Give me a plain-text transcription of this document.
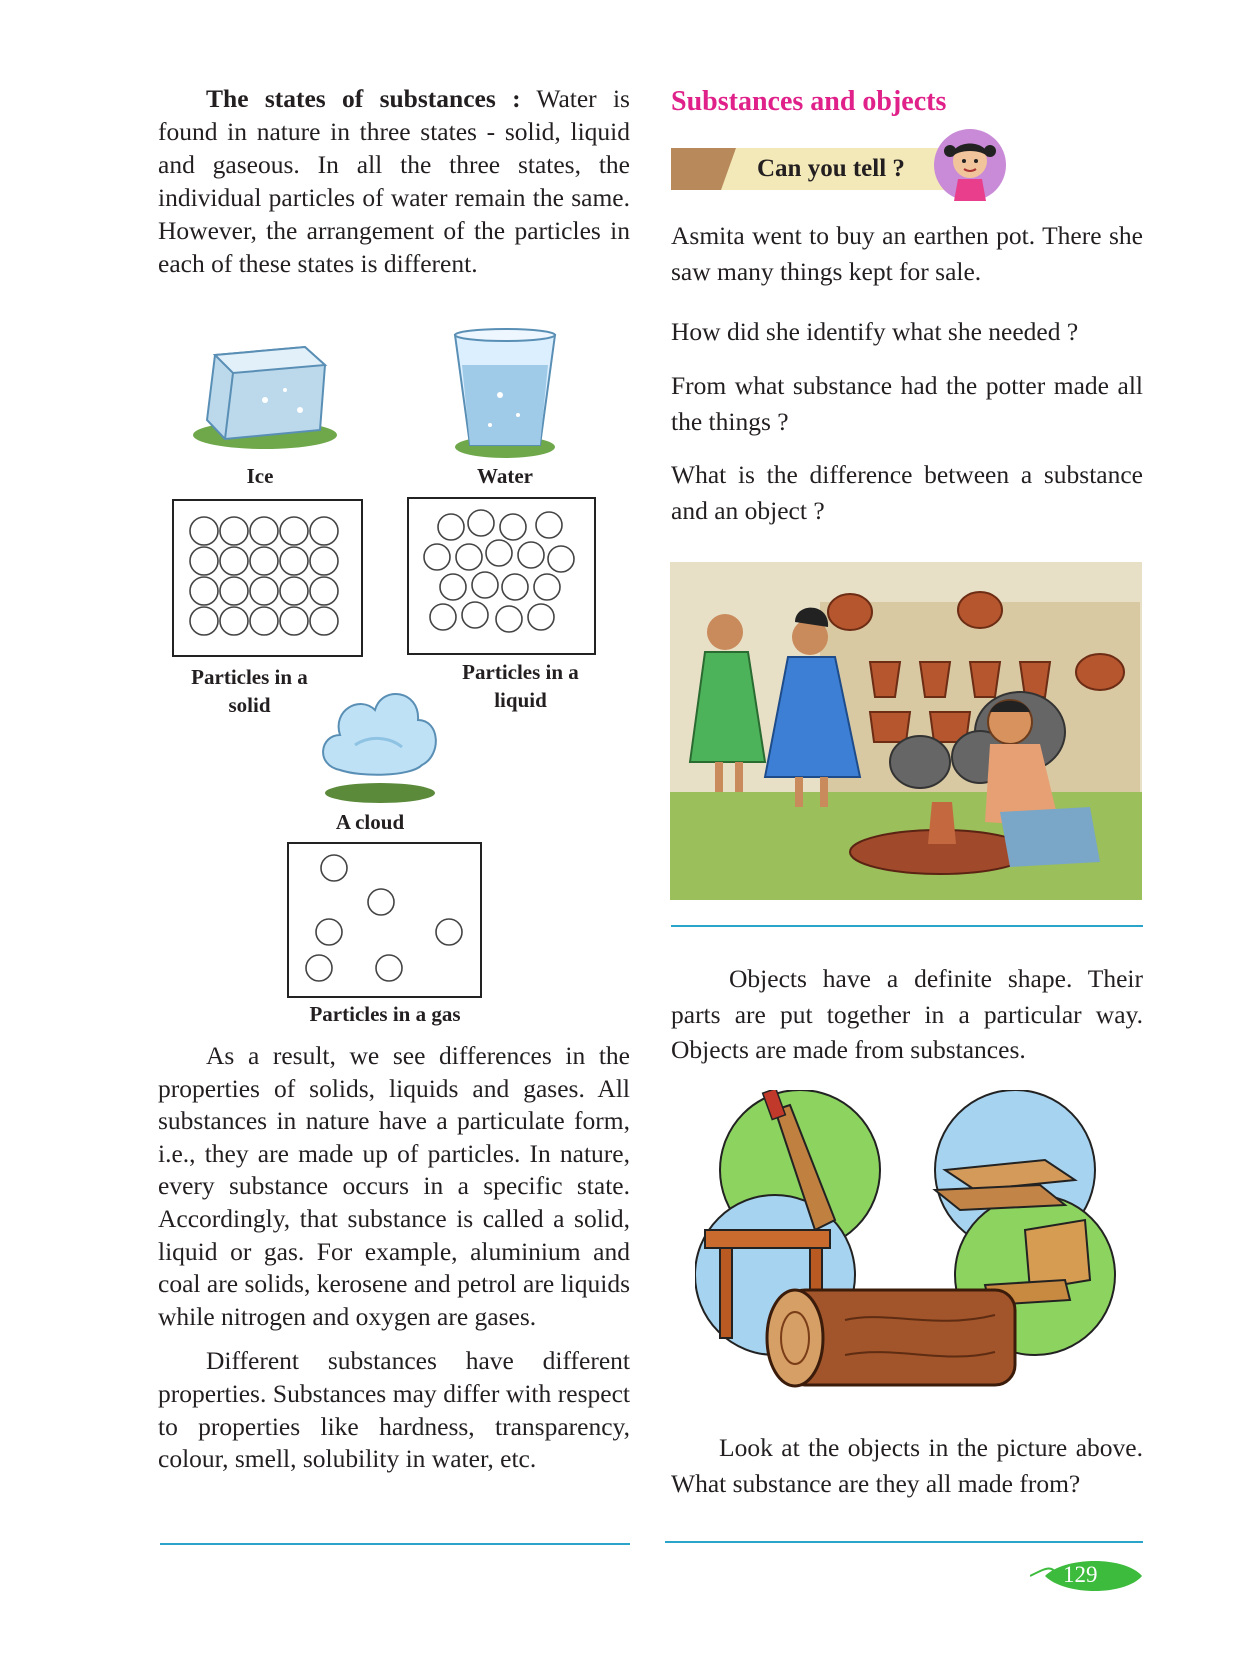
The states of substances : Water is found in nature in three states - solid, liquid and gaseous. In all the three states, the individual particles of water remain the same. However, the arrangement of the particles in each of these states is different.

Ice	Water
Particles in a solid
Particles in a liquid
A cloud
Particles in a gas

As a result, we see differences in the properties of solids, liquids and gases. All substances in nature have a particulate form, i.e., they are made up of particles. In nature, every substance occurs in a specific state. Accordingly, that substance is called a solid, liquid or gas. For example, aluminium and coal are solids, kerosene and petrol are liquids while nitrogen and oxygen are gases.

Different substances have different properties. Substances may differ with respect to properties like hardness, transparency, colour, smell, solubility in water, etc.

Substances and objects
Can you tell ?

Asmita went to buy an earthen pot. There she saw many things kept for sale.

How did she identify what she needed ?

From what substance had the potter made all the things ?

What is the difference between a substance and an object ?

Objects have a definite shape. Their parts are put together in a particular way. Objects are made from substances.

Look at the objects in the picture above. What substance are they all made from?

129
